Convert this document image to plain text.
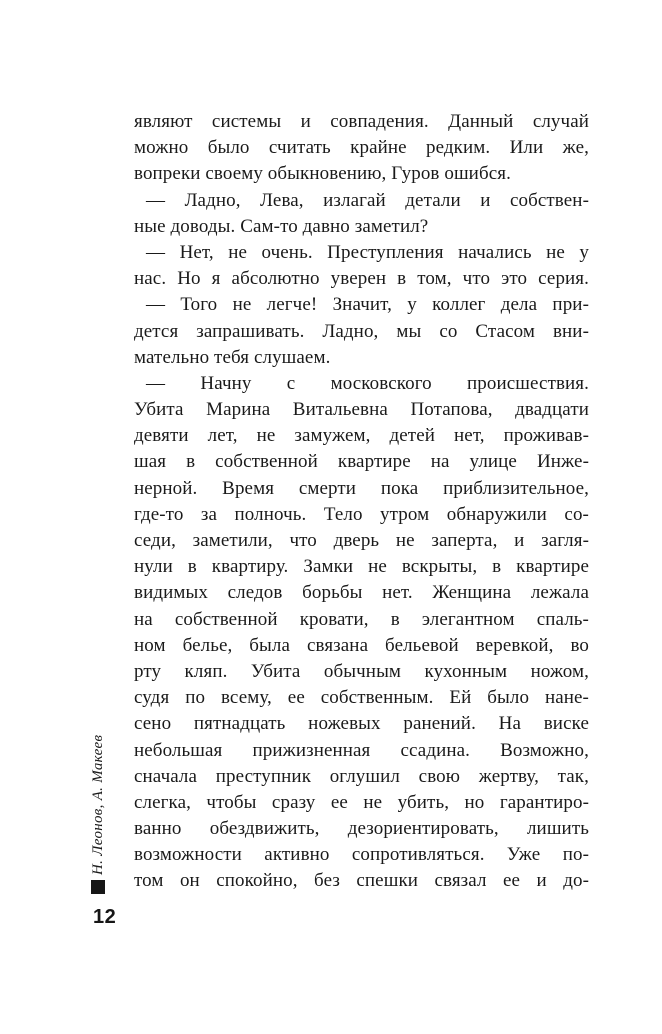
являют системы и совпадения. Данный случай
можно было считать крайне редким. Или же,
вопреки своему обыкновению, Гуров ошибся.
— Ладно, Лева, излагай детали и собствен-
ные доводы. Сам-то давно заметил?
— Нет, не очень. Преступления начались не у
нас. Но я абсолютно уверен в том, что это серия.
— Того не легче! Значит, у коллег дела при-
дется запрашивать. Ладно, мы со Стасом вни-
мательно тебя слушаем.
— Начну с московского происшествия.
Убита Марина Витальевна Потапова, двадцати
девяти лет, не замужем, детей нет, проживав-
шая в собственной квартире на улице Инже-
нерной. Время смерти пока приблизительное,
где-то за полночь. Тело утром обнаружили со-
седи, заметили, что дверь не заперта, и загля-
нули в квартиру. Замки не вскрыты, в квартире
видимых следов борьбы нет. Женщина лежала
на собственной кровати, в элегантном спаль-
ном белье, была связана бельевой веревкой, во
рту кляп. Убита обычным кухонным ножом,
судя по всему, ее собственным. Ей было нане-
сено пятнадцать ножевых ранений. На виске
небольшая прижизненная ссадина. Возможно,
сначала преступник оглушил свою жертву, так,
слегка, чтобы сразу ее не убить, но гарантиро-
ванно обездвижить, дезориентировать, лишить
возможности активно сопротивляться. Уже по-
том он спокойно, без спешки связал ее и до-
Н. Леонов, А. Макеев
12
